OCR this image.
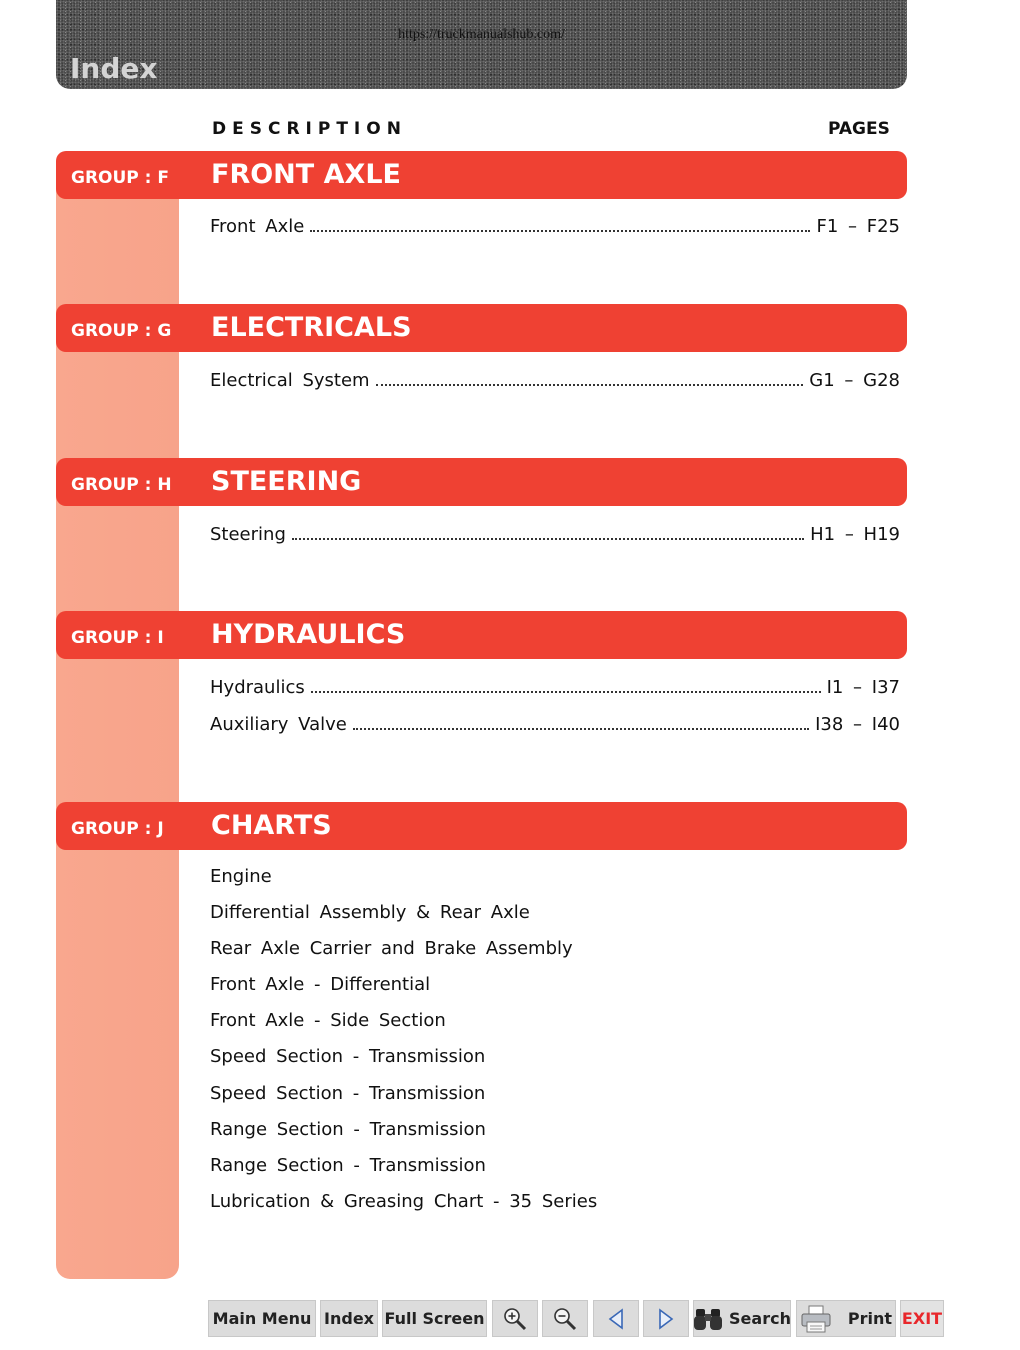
https://truckmanualshub.com/
Index
DESCRIPTION	PAGES
GROUP : F FRONT AXLE
Front Axle	F1 – F25
GROUP : G ELECTRICALS
Electrical System	G1 – G28
GROUP : H STEERING
Steering	H1 – H19
GROUP : I HYDRAULICS
Hydraulics	I1 – I37
Auxiliary Valve	I38 – I40
GROUP : J CHARTS
Engine
Differential Assembly & Rear Axle
Rear Axle Carrier and Brake Assembly
Front Axle - Differential
Front Axle - Side Section
Speed Section - Transmission
Speed Section - Transmission
Range Section - Transmission
Range Section - Transmission
Lubrication & Greasing Chart - 35 Series
Main Menu Index Full Screen	Search	Print EXIT
